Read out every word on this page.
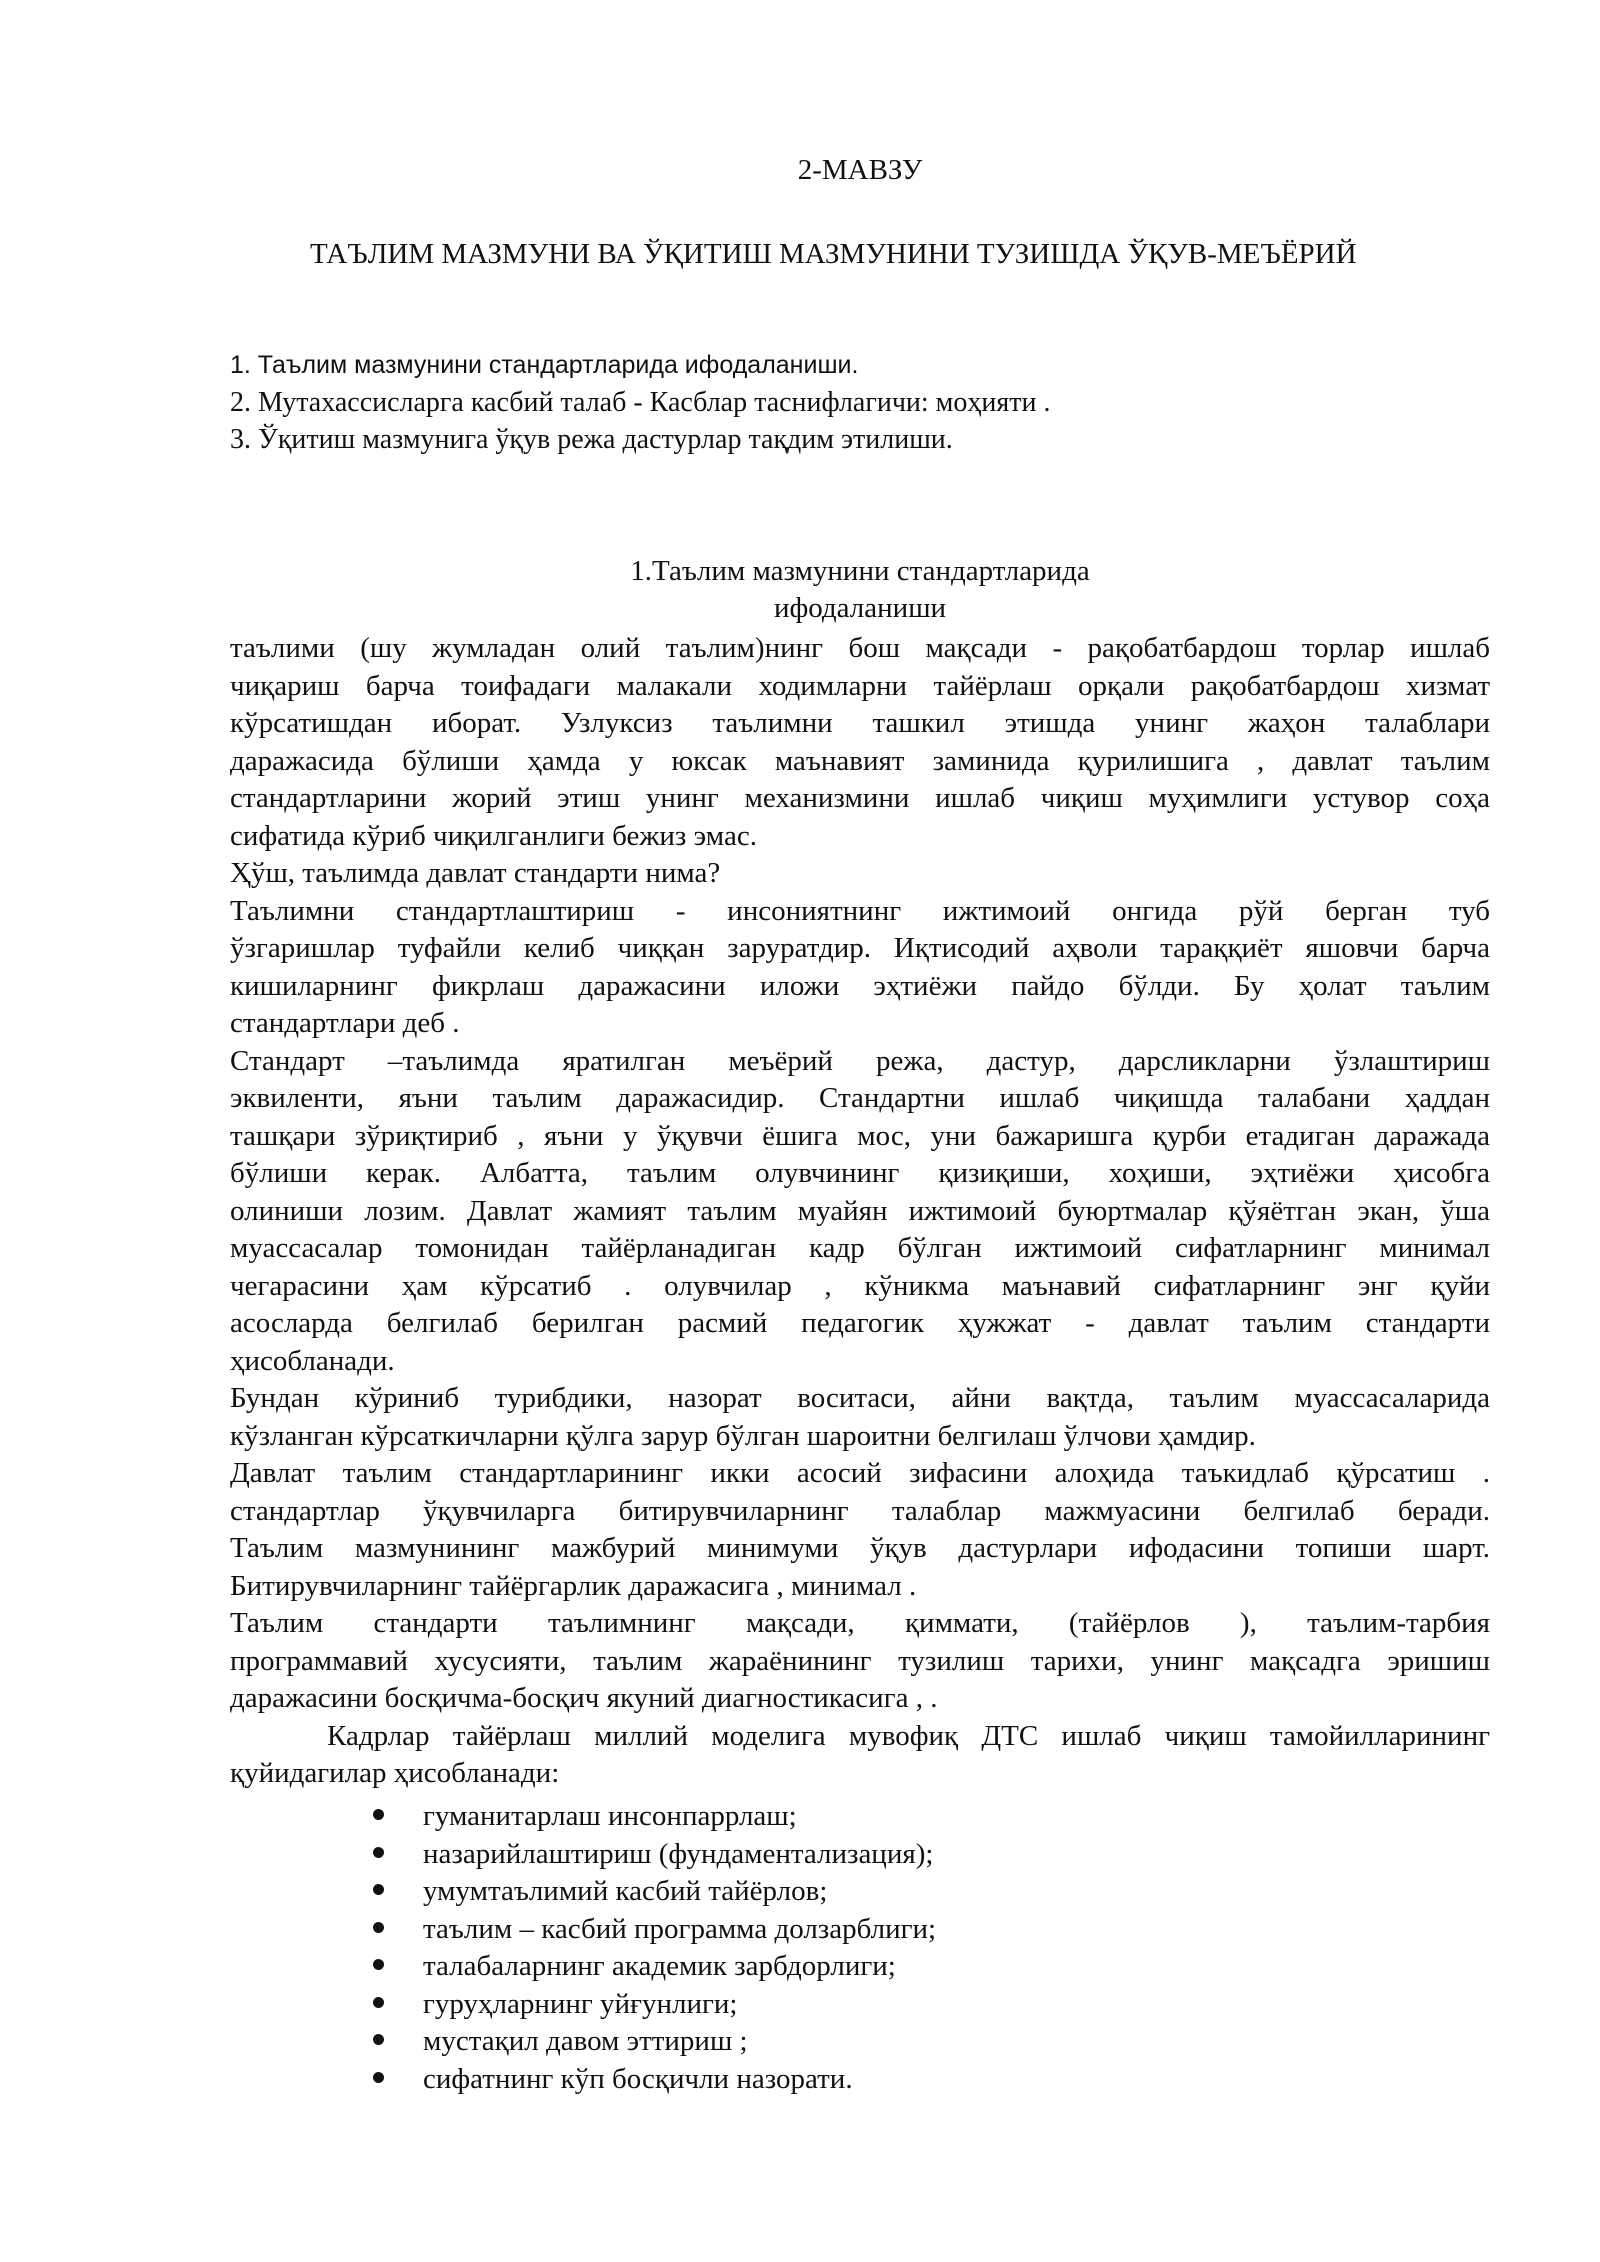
2-МАВЗУ
ТАЪЛИМ МАЗМУНИ ВА ЎҚИТИШ МАЗМУНИНИ ТУЗИШДА ЎҚУВ-МЕЪЁРИЙ
1. Таълим мазмунини стандартларида ифодаланиши.
2. Мутахассисларга касбий талаб - Касблар таснифлагичи: моҳияти .
3. Ўқитиш мазмунига ўқув режа дастурлар тақдим этилиши.
1.Таълим мазмунини стандартларида
ифодаланиши
таълими (шу жумладан олий таълим)нинг бош мақсади - рақобатбардош торлар ишлаб
чиқариш барча тоифадаги малакали ходимларни тайёрлаш орқали рақобатбардош хизмат
кўрсатишдан иборат. Узлуксиз таълимни ташкил этишда унинг жаҳон талаблари
даражасида бўлиши ҳамда у юксак маънавият заминида қурилишига , давлат таълим
стандартларини жорий этиш унинг механизмини ишлаб чиқиш муҳимлиги устувор соҳа
сифатида кўриб чиқилганлиги бежиз эмас.
Ҳўш, таълимда давлат стандарти нима?
Таълимни стандартлаштириш - инсониятнинг ижтимоий онгида рўй берган туб
ўзгаришлар туфайли келиб чиққан заруратдир. Иқтисодий аҳволи тараққиёт яшовчи барча
кишиларнинг фикрлаш даражасини иложи эҳтиёжи пайдо бўлди. Бу ҳолат таълим
стандартлари деб .
Стандарт –таълимда яратилган меъёрий режа, дастур, дарсликларни ўзлаштириш
эквиленти, яъни таълим даражасидир. Стандартни ишлаб чиқишда талабани ҳаддан
ташқари зўриқтириб , яъни у ўқувчи ёшига мос, уни бажаришга қурби етадиган даражада
бўлиши керак. Албатта, таълим олувчининг қизиқиши, хоҳиши, эҳтиёжи ҳисобга
олиниши лозим. Давлат жамият таълим муайян ижтимоий буюртмалар қўяётган экан, ўша
муассасалар томонидан тайёрланадиган кадр бўлган ижтимоий сифатларнинг минимал
чегарасини ҳам кўрсатиб . олувчилар , кўникма маънавий сифатларнинг энг қуйи
асосларда белгилаб берилган расмий педагогик ҳужжат - давлат таълим стандарти
ҳисобланади.
Бундан кўриниб турибдики, назорат воситаси, айни вақтда, таълим муассасаларида
кўзланган кўрсаткичларни қўлга зарур бўлган шароитни белгилаш ўлчови ҳамдир.
Давлат таълим стандартларининг икки асосий зифасини алоҳида таъкидлаб қўрсатиш .
стандартлар ўқувчиларга битирувчиларнинг талаблар мажмуасини белгилаб беради.
Таълим мазмунининг мажбурий минимуми ўқув дастурлари ифодасини топиши шарт.
Битирувчиларнинг тайёргарлик даражасига , минимал .
Таълим стандарти таълимнинг мақсади, қиммати, (тайёрлов ), таълим-тарбия
программавий хусусияти, таълим жараёнининг тузилиш тарихи, унинг мақсадга эришиш
даражасини босқичма-босқич якуний диагностикасига , .
Кадрлар тайёрлаш миллий моделига мувофиқ ДТС ишлаб чиқиш тамойилларининг
қуйидагилар ҳисобланади:
гуманитарлаш инсонпаррлаш;
назарийлаштириш (фундаментализация);
умумтаълимий касбий тайёрлов;
таълим – касбий программа долзарблиги;
талабаларнинг академик зарбдорлиги;
гуруҳларнинг уйғунлиги;
мустақил давом эттириш ;
сифатнинг кўп босқичли назорати.
